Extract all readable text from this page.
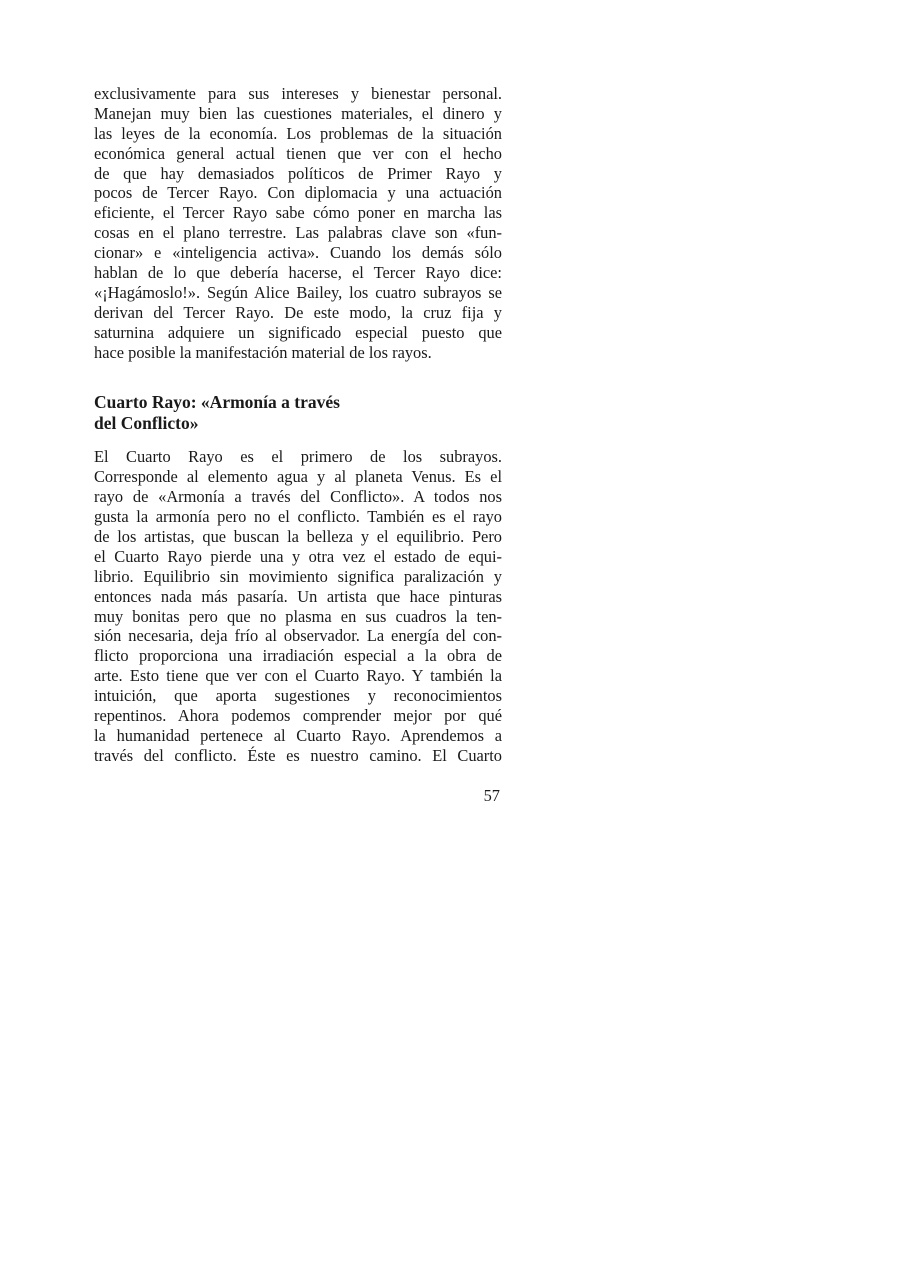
exclusivamente para sus intereses y bienestar personal.
Manejan muy bien las cuestiones materiales, el dinero y
las leyes de la economía. Los problemas de la situación
económica general actual tienen que ver con el hecho
de que hay demasiados políticos de Primer Rayo y
pocos de Tercer Rayo. Con diplomacia y una actuación
eficiente, el Tercer Rayo sabe cómo poner en marcha las
cosas en el plano terrestre. Las palabras clave son «fun-
cionar» e «inteligencia activa». Cuando los demás sólo
hablan de lo que debería hacerse, el Tercer Rayo dice:
«¡Hagámoslo!». Según Alice Bailey, los cuatro subrayos se
derivan del Tercer Rayo. De este modo, la cruz fija y
saturnina adquiere un significado especial puesto que
hace posible la manifestación material de los rayos.
Cuarto Rayo: «Armonía a través
del Conflicto»
El Cuarto Rayo es el primero de los subrayos.
Corresponde al elemento agua y al planeta Venus. Es el
rayo de «Armonía a través del Conflicto». A todos nos
gusta la armonía pero no el conflicto. También es el rayo
de los artistas, que buscan la belleza y el equilibrio. Pero
el Cuarto Rayo pierde una y otra vez el estado de equi-
librio. Equilibrio sin movimiento significa paralización y
entonces nada más pasaría. Un artista que hace pinturas
muy bonitas pero que no plasma en sus cuadros la ten-
sión necesaria, deja frío al observador. La energía del con-
flicto proporciona una irradiación especial a la obra de
arte. Esto tiene que ver con el Cuarto Rayo. Y también la
intuición, que aporta sugestiones y reconocimientos
repentinos. Ahora podemos comprender mejor por qué
la humanidad pertenece al Cuarto Rayo. Aprendemos a
través del conflicto. Éste es nuestro camino. El Cuarto
57
